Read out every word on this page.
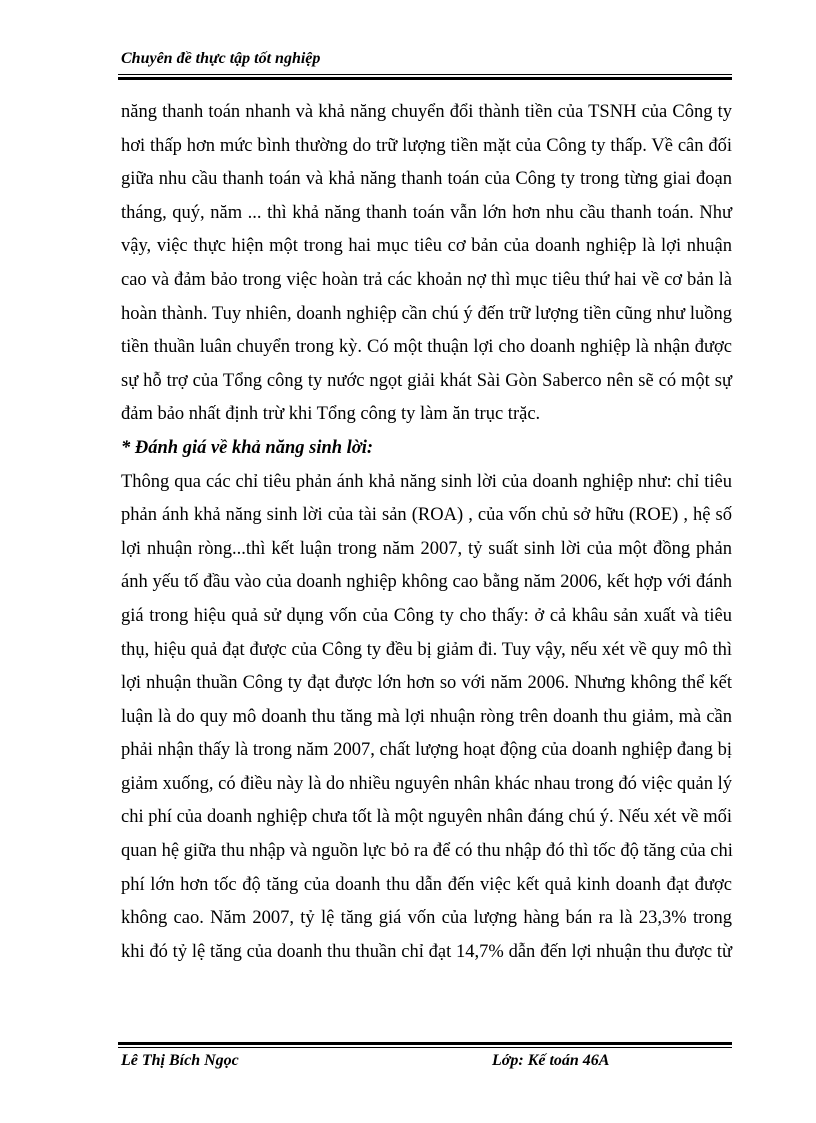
Chuyên đề thực tập tốt nghiệp
năng thanh toán nhanh và khả năng chuyển đổi thành tiền của TSNH của Công ty
hơi thấp hơn mức bình thường do trữ lượng tiền mặt của Công ty thấp. Về cân đối
giữa nhu cầu thanh toán và khả năng thanh toán của Công ty trong từng giai đoạn
tháng, quý, năm ... thì khả năng thanh toán vẫn lớn hơn nhu cầu thanh toán. Như
vậy, việc thực hiện một trong hai mục tiêu cơ bản của doanh nghiệp là lợi nhuận
cao và đảm bảo trong việc hoàn trả các khoản nợ thì mục tiêu thứ hai về cơ bản là
hoàn thành. Tuy nhiên, doanh nghiệp cần chú ý đến trữ lượng tiền cũng như luồng
tiền thuần luân chuyển trong kỳ. Có một thuận lợi cho doanh nghiệp là nhận được
sự hỗ trợ của Tổng công ty nước ngọt giải khát Sài Gòn Saberco nên sẽ có một sự
đảm bảo nhất định trừ khi Tổng công ty làm ăn trục trặc.
* Đánh giá về khả năng sinh lời:
Thông qua các chỉ tiêu phản ánh khả năng sinh lời của doanh nghiệp như: chỉ tiêu
phản ánh khả năng sinh lời của tài sản (ROA) , của vốn chủ sở hữu (ROE) , hệ số
lợi nhuận ròng...thì kết luận trong năm 2007, tỷ suất sinh lời của một đồng phản
ánh yếu tố đầu vào của doanh nghiệp không cao bằng năm 2006, kết hợp với đánh
giá trong hiệu quả sử dụng vốn của Công ty cho thấy: ở cả khâu sản xuất và tiêu
thụ, hiệu quả đạt được của Công ty đều bị giảm đi. Tuy vậy, nếu xét về quy mô thì
lợi nhuận thuần Công ty đạt được lớn hơn so với năm 2006. Nhưng không thể kết
luận là do quy mô doanh thu tăng mà lợi nhuận ròng trên doanh thu giảm, mà cần
phải nhận thấy là trong năm 2007, chất lượng hoạt động của doanh nghiệp đang bị
giảm xuống, có điều này là do nhiều nguyên nhân khác nhau trong đó việc quản lý
chi phí của doanh nghiệp chưa tốt là một nguyên nhân đáng chú ý. Nếu xét về mối
quan hệ giữa thu nhập và nguồn lực bỏ ra để có thu nhập đó thì tốc độ tăng của chi
phí lớn hơn tốc độ tăng của doanh thu dẫn đến việc kết quả kinh doanh đạt được
không cao. Năm 2007, tỷ lệ tăng giá vốn của lượng hàng bán ra là 23,3% trong
khi đó tỷ lệ tăng của doanh thu thuần chỉ đạt 14,7% dẫn đến lợi nhuận thu được từ
Lê Thị Bích Ngọc	Lớp: Kế toán 46A
